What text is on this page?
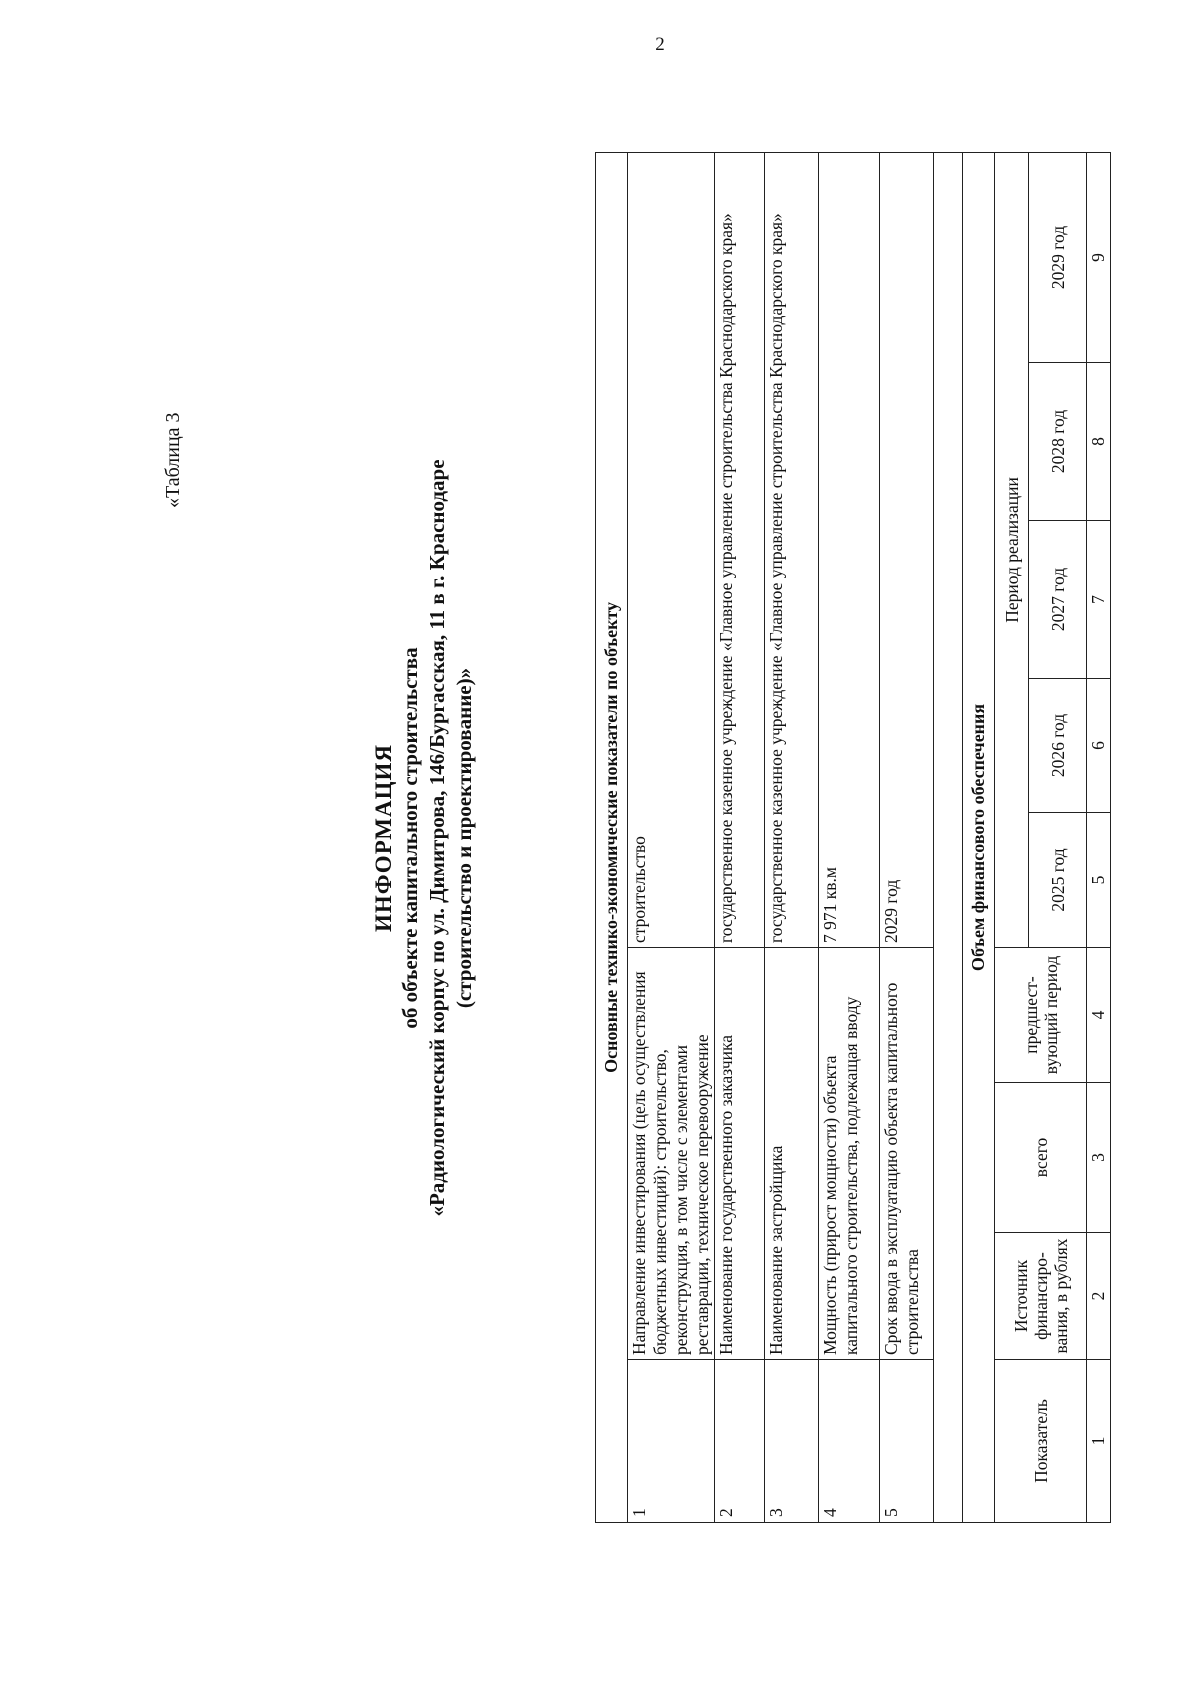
2
«Таблица 3
ИНФОРМАЦИЯ об объекте капитального строительства «Радиологический корпус по ул. Димитрова, 146/Бургасская, 11 в г. Краснодаре (строительство и проектирование)»	Основные технико-экономические показатели по объекту								
1	Направление инвестирования (цель осуществления бюджетных инвестиций): строительство, реконструкция, в том числе с элементами реставрации, техническое перевооружение			строительство				
2	Наименование государственного заказчика			государственное казенное учреждение «Главное управление строительства Краснодарского края»				
3	Наименование застройщика			государственное казенное учреждение «Главное управление строительства Краснодарского края»				
4	Мощность (прирост мощности) объекта капитального строительства, подлежащая вводу			7 971 кв.м				
5	Срок ввода в эксплуатацию объекта капитального строительства			2029 год				

Объем финансового обеспечения								
Показатель	Источник финансиро-вания, в рублях	всего	предшест-вующий период	Период реализации				
				2025 год	2026 год	2027 год	2028 год	2029 год
1	2	3	4	5	6	7	8	9
